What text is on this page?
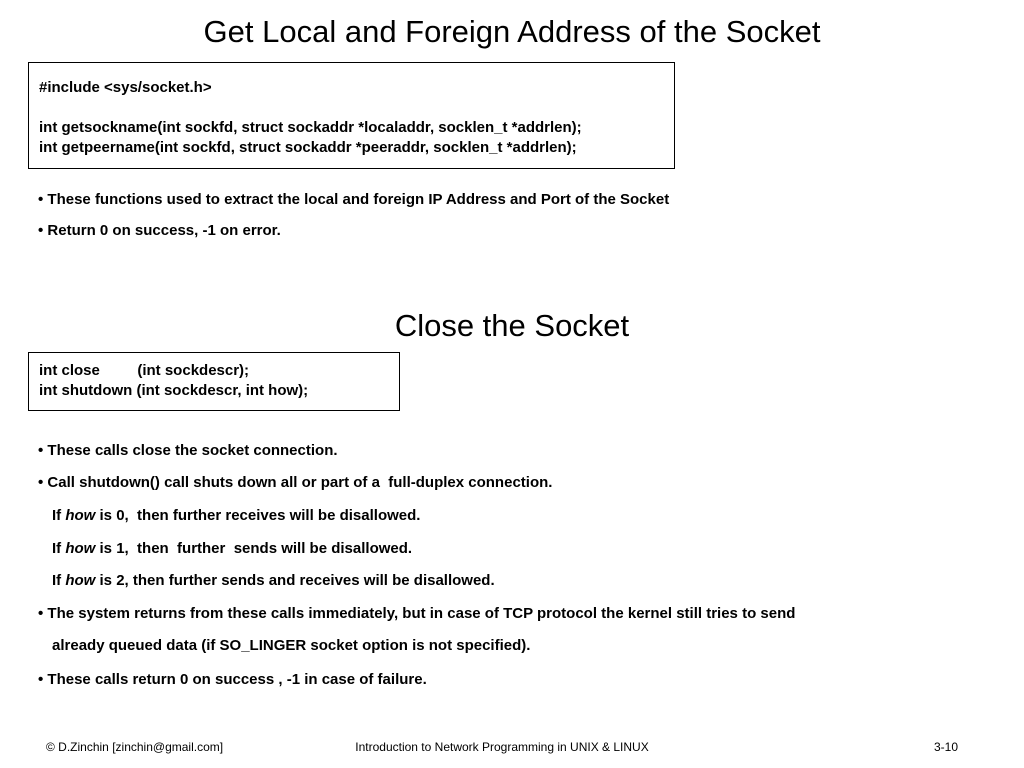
Get Local and Foreign Address of the Socket
#include <sys/socket.h>
int getsockname(int sockfd, struct sockaddr *localaddr, socklen_t *addrlen);
int getpeername(int sockfd, struct sockaddr *peeraddr, socklen_t *addrlen);
• These functions used to extract the local and foreign IP Address and Port of the Socket
• Return 0 on success, -1 on error.
Close the Socket
int close         (int sockdescr);
int shutdown (int sockdescr, int how);
• These calls close the socket connection.
• Call shutdown() call shuts down all or part of a  full-duplex connection.
If how is 0,  then further receives will be disallowed.
If how is 1,  then  further  sends will be disallowed.
If how is 2, then further sends and receives will be disallowed.
• The system returns from these calls immediately, but in case of TCP protocol the kernel still tries to send
already queued data (if SO_LINGER socket option is not specified).
• These calls return 0 on success , -1 in case of failure.
© D.Zinchin [zinchin@gmail.com]	Introduction to Network Programming in UNIX & LINUX	3-10
